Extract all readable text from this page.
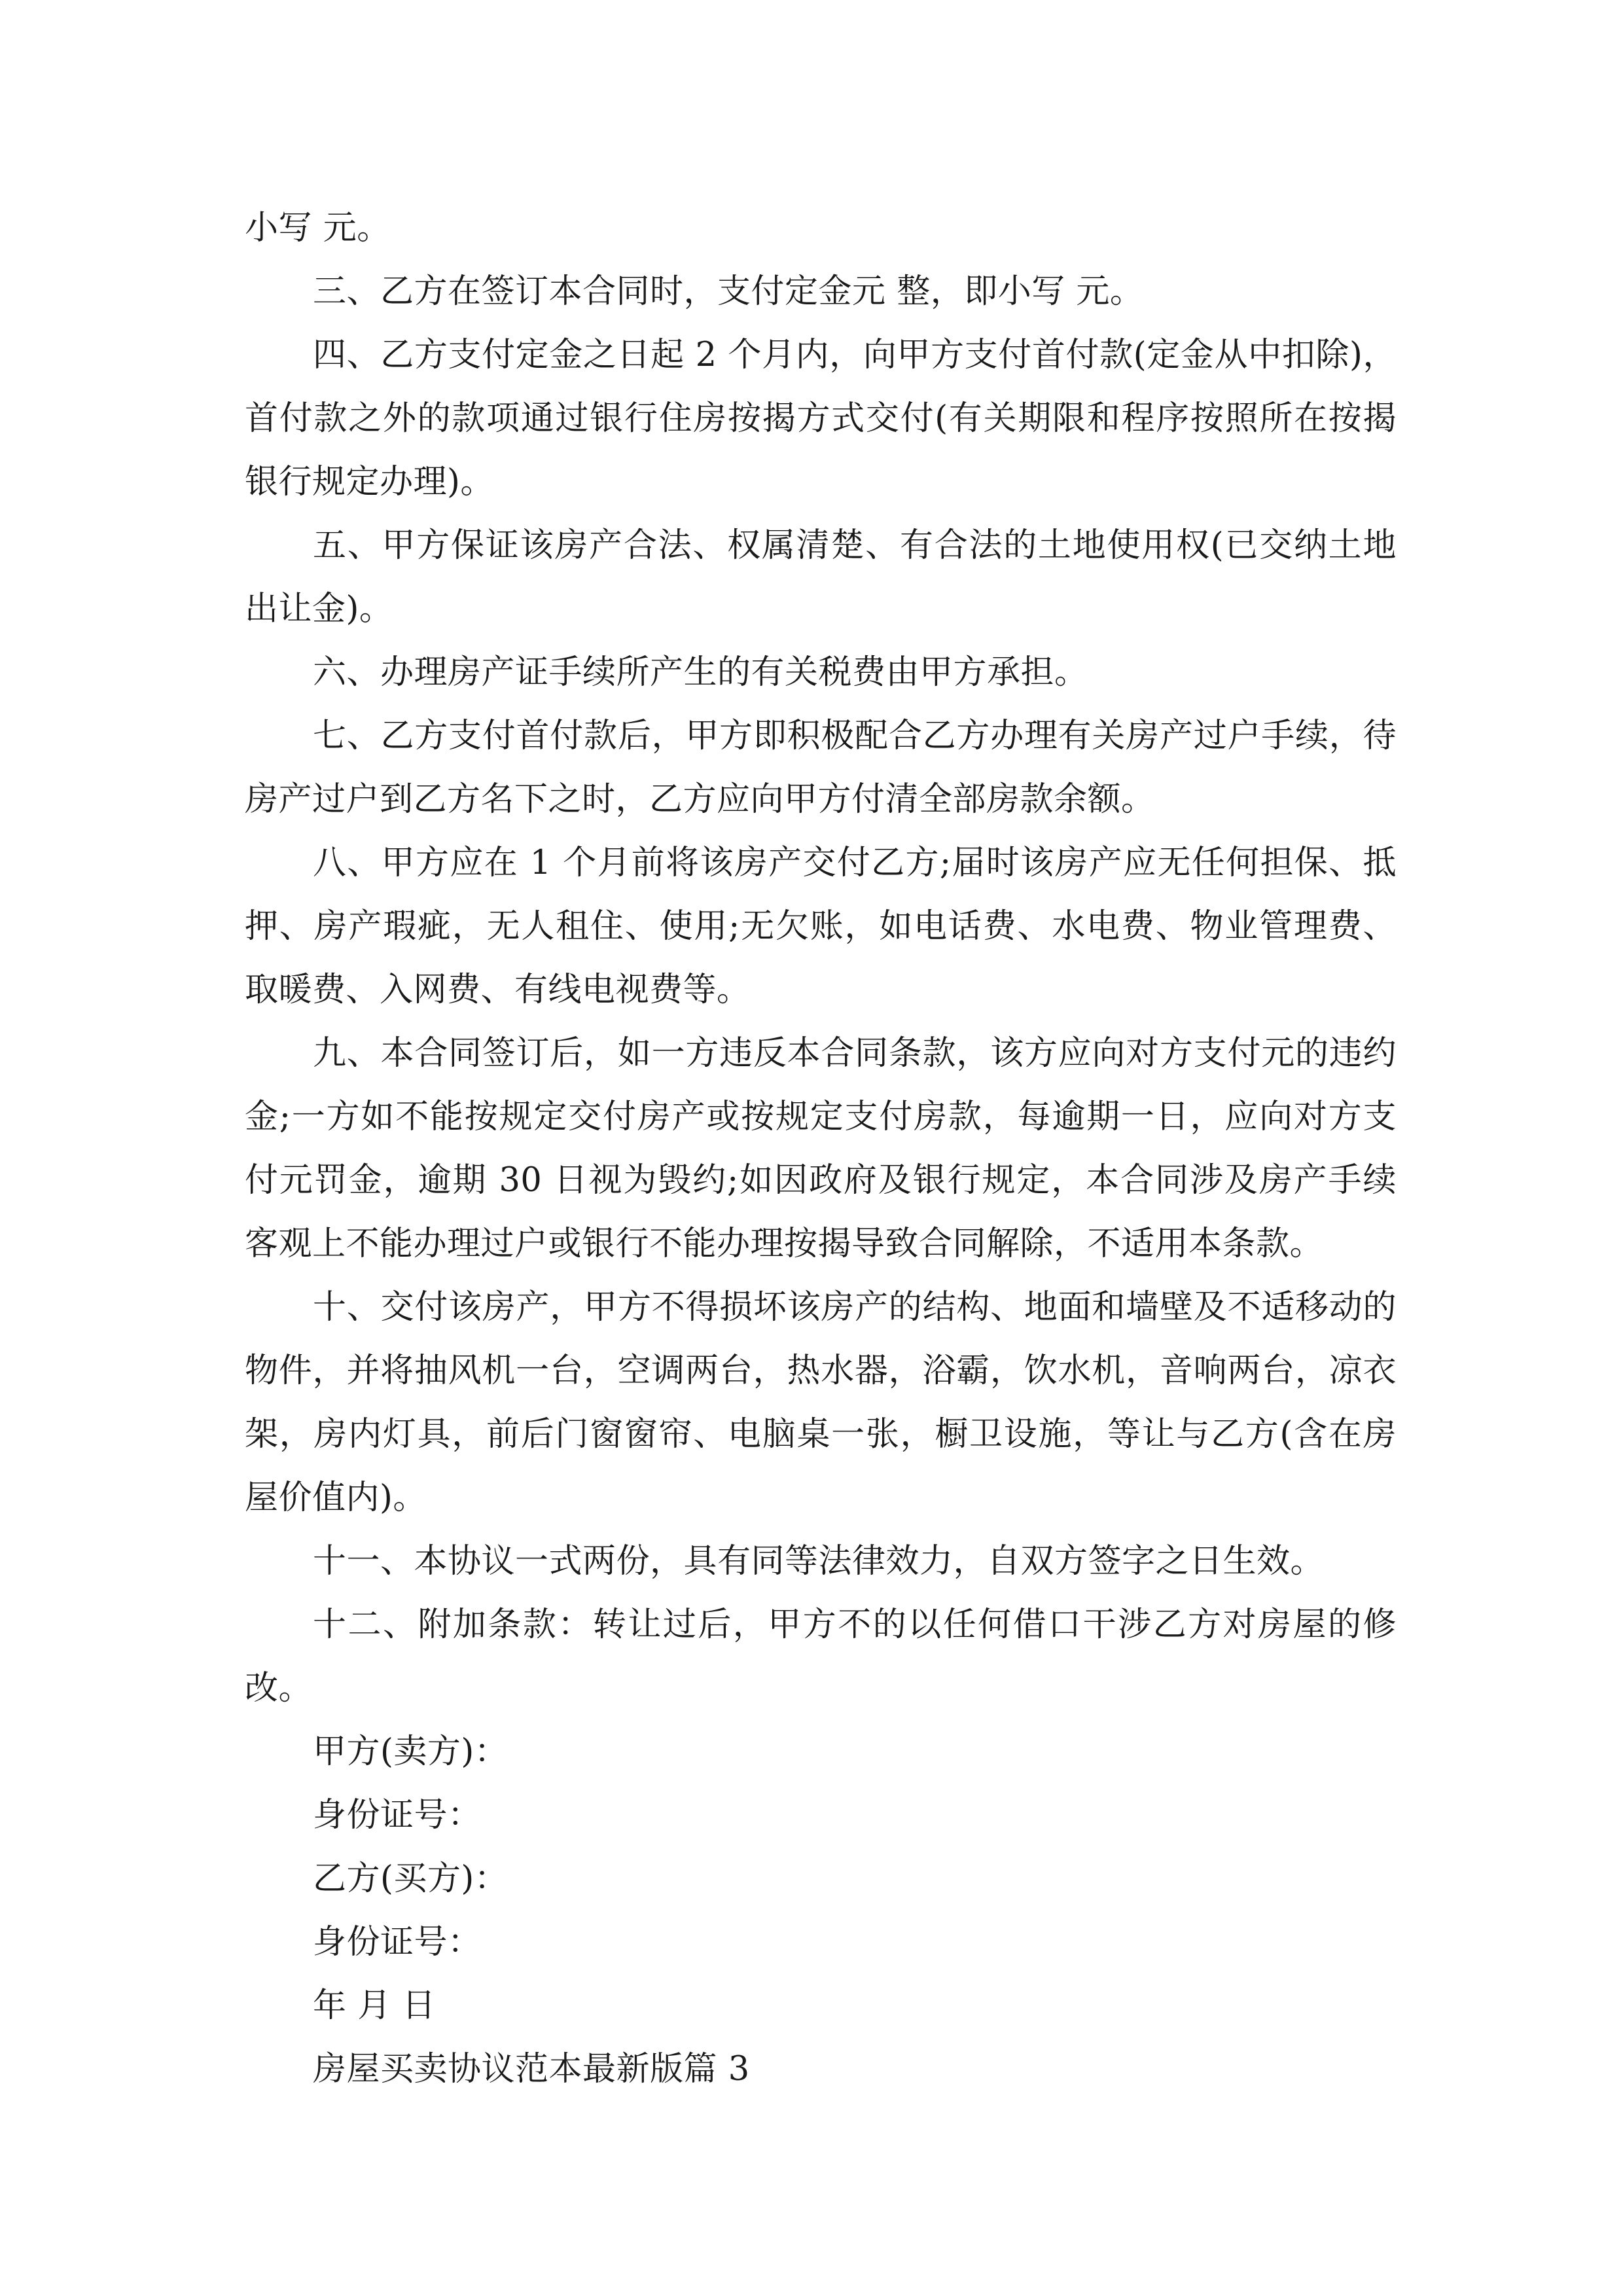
小写 元。

三、乙方在签订本合同时，支付定金元 整，即小写 元。

四、乙方支付定金之日起 2 个月内，向甲方支付首付款(定金从中扣除)，首付款之外的款项通过银行住房按揭方式交付(有关期限和程序按照所在按揭银行规定办理)。

五、甲方保证该房产合法、权属清楚、有合法的土地使用权(已交纳土地出让金)。

六、办理房产证手续所产生的有关税费由甲方承担。

七、乙方支付首付款后，甲方即积极配合乙方办理有关房产过户手续，待房产过户到乙方名下之时，乙方应向甲方付清全部房款余额。

八、甲方应在 1 个月前将该房产交付乙方;届时该房产应无任何担保、抵押、房产瑕疵，无人租住、使用;无欠账，如电话费、水电费、物业管理费、取暖费、入网费、有线电视费等。

九、本合同签订后，如一方违反本合同条款，该方应向对方支付元的违约金;一方如不能按规定交付房产或按规定支付房款，每逾期一日，应向对方支付元罚金，逾期 30 日视为毁约;如因政府及银行规定，本合同涉及房产手续客观上不能办理过户或银行不能办理按揭导致合同解除，不适用本条款。

十、交付该房产，甲方不得损坏该房产的结构、地面和墙壁及不适移动的物件，并将抽风机一台，空调两台，热水器，浴霸，饮水机，音响两台，凉衣架，房内灯具，前后门窗窗帘、电脑桌一张，橱卫设施，等让与乙方(含在房屋价值内)。

十一、本协议一式两份，具有同等法律效力，自双方签字之日生效。

十二、附加条款：转让过后，甲方不的以任何借口干涉乙方对房屋的修改。

甲方(卖方)：

身份证号：

乙方(买方)：

身份证号：

年 月 日

房屋买卖协议范本最新版篇 3
